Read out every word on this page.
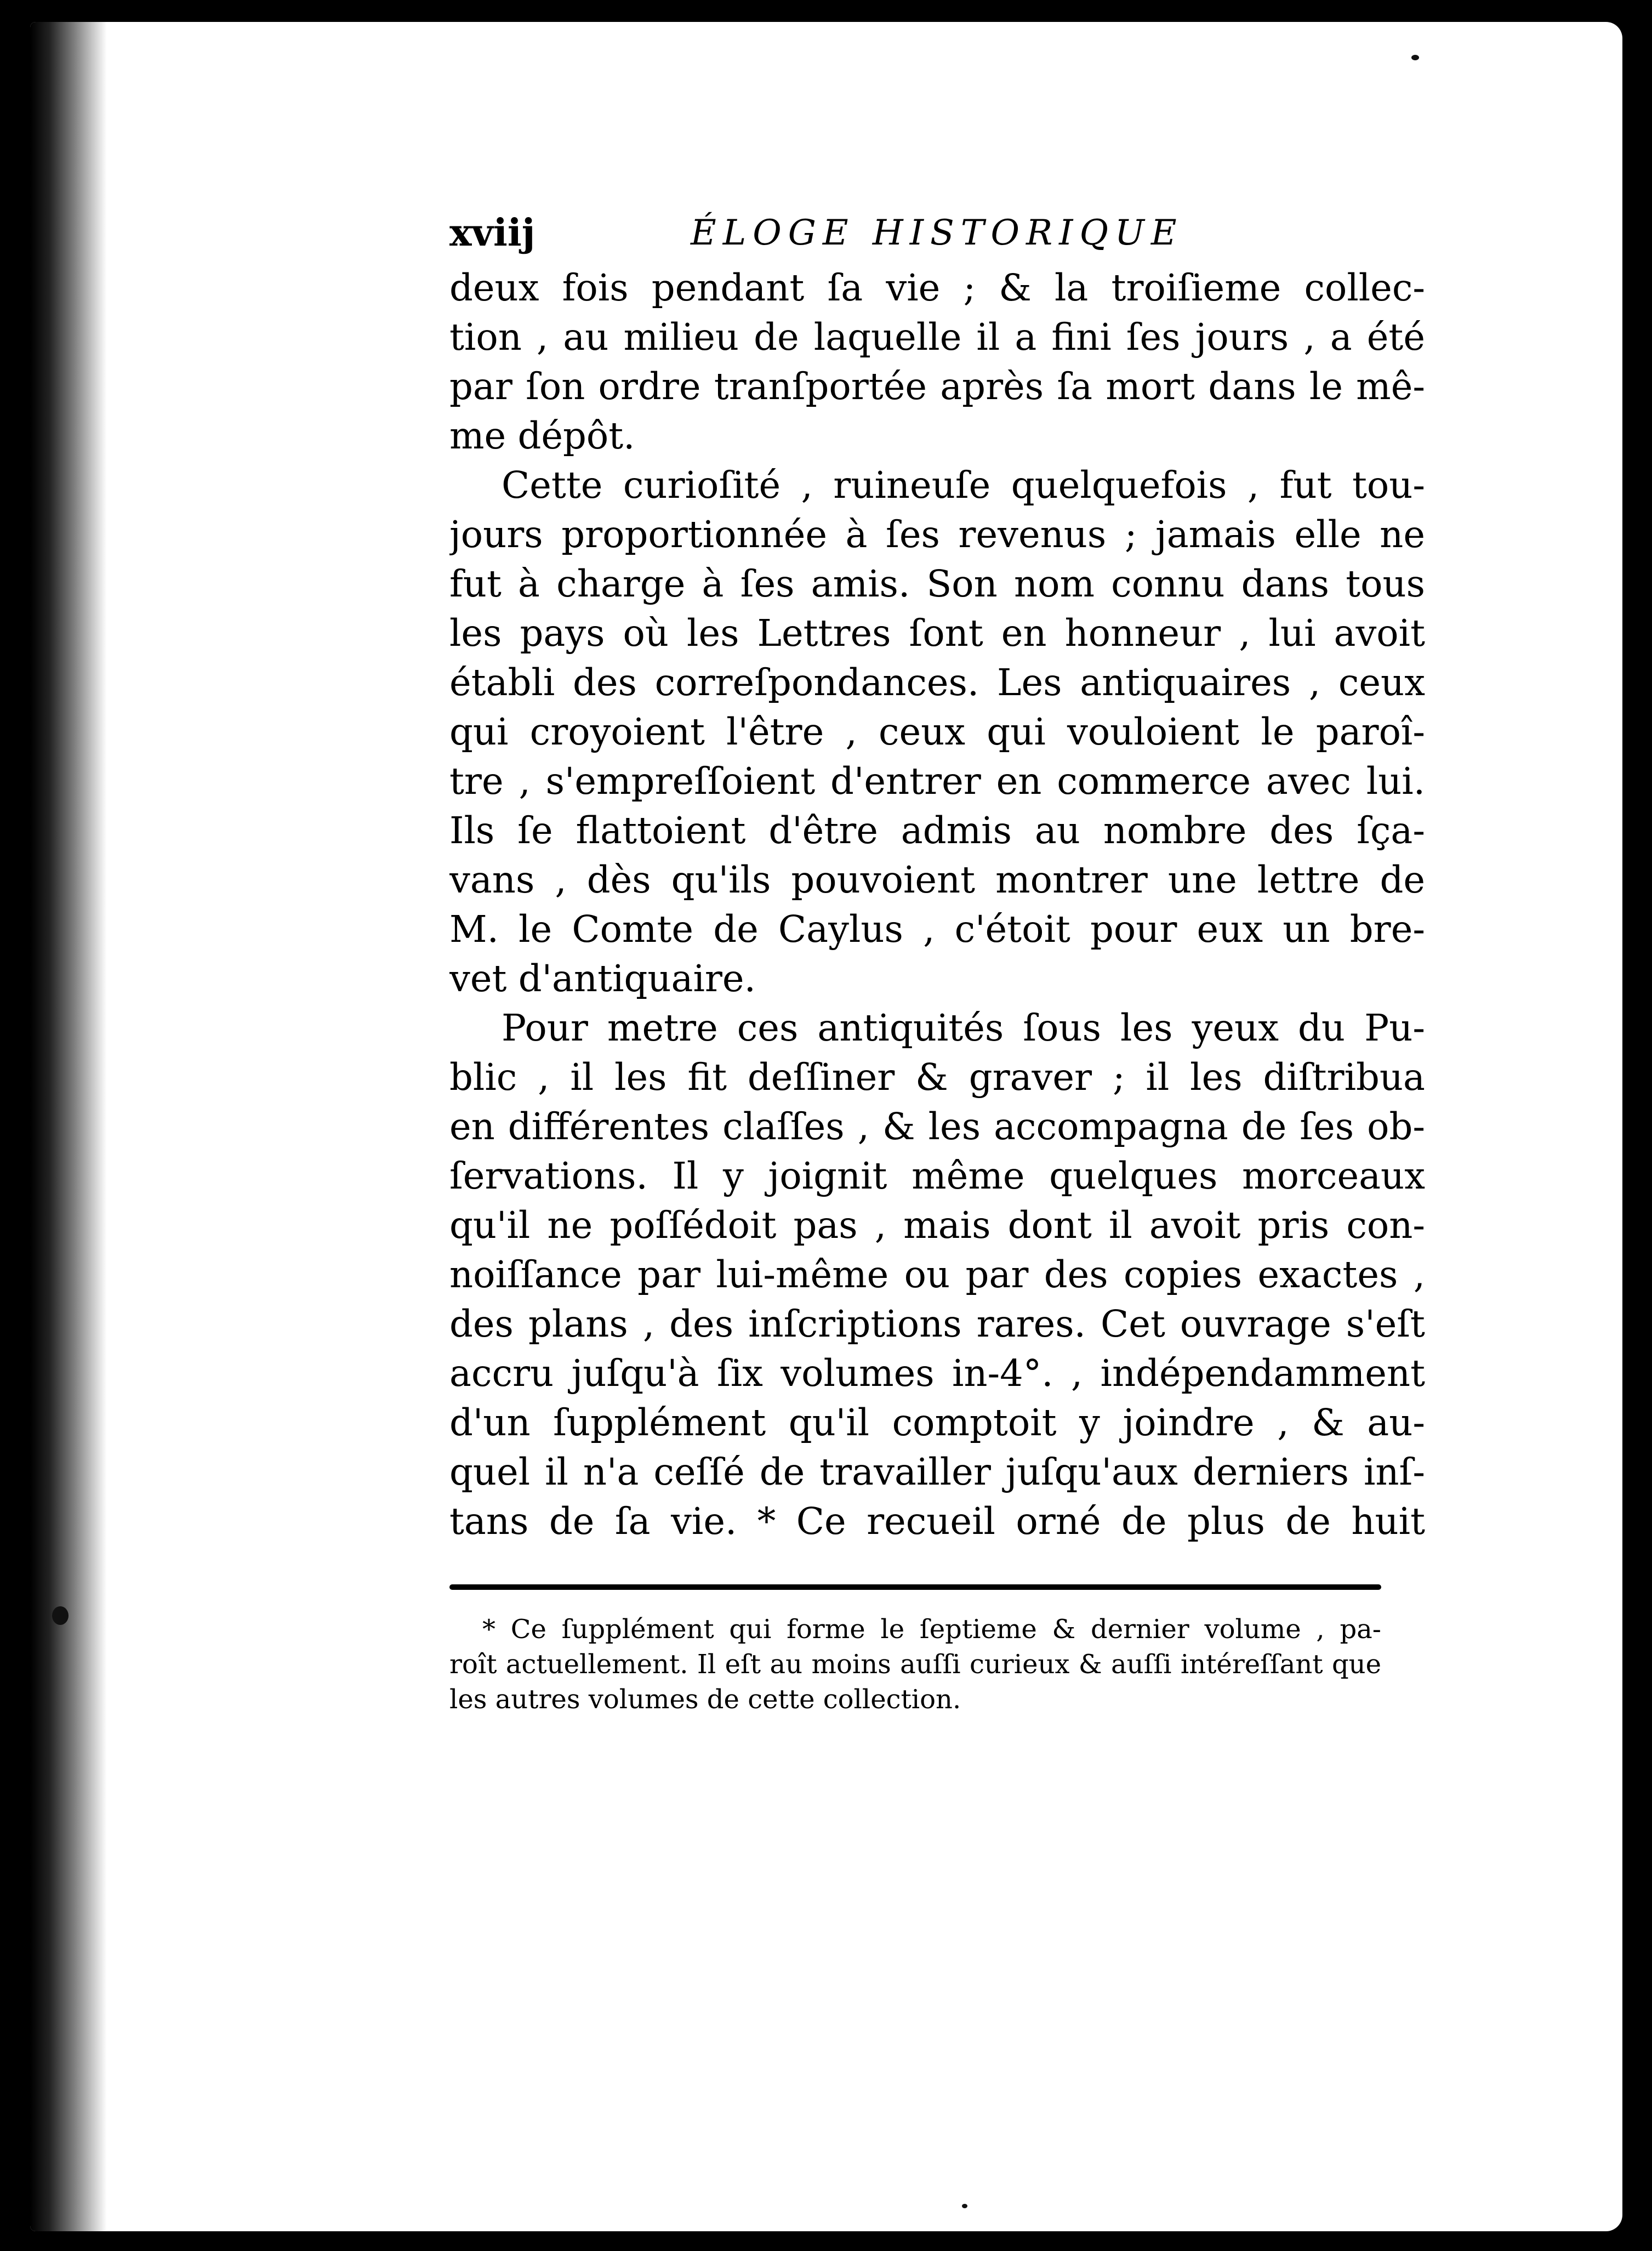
xviij	ÉLOGE HISTORIQUE
deux fois pendant ſa vie ; & la troiſieme collec-
tion , au milieu de laquelle il a fini ſes jours , a été
par ſon ordre tranſportée après ſa mort dans le mê-
me dépôt.
Cette curioſité , ruineuſe quelquefois , fut tou-
jours proportionnée à ſes revenus ; jamais elle ne
fut à charge à ſes amis. Son nom connu dans tous
les pays où les Lettres ſont en honneur , lui avoit
établi des correſpondances. Les antiquaires , ceux
qui croyoient l'être , ceux qui vouloient le paroî-
tre , s'empreſſoient d'entrer en commerce avec lui.
Ils ſe flattoient d'être admis au nombre des ſça-
vans , dès qu'ils pouvoient montrer une lettre de
M. le Comte de Caylus , c'étoit pour eux un bre-
vet d'antiquaire.
Pour metre ces antiquités ſous les yeux du Pu-
blic , il les fit deſſiner & graver ; il les diſtribua
en différentes claſſes , & les accompagna de ſes ob-
ſervations. Il y joignit même quelques morceaux
qu'il ne poſſédoit pas , mais dont il avoit pris con-
noiſſance par lui-même ou par des copies exactes ,
des plans , des inſcriptions rares. Cet ouvrage s'eſt
accru juſqu'à ſix volumes in-4°. , indépendamment
d'un ſupplément qu'il comptoit y joindre , & au-
quel il n'a ceſſé de travailler juſqu'aux derniers inſ-
tans de ſa vie. * Ce recueil orné de plus de huit
* Ce ſupplément qui forme le ſeptieme & dernier volume , pa-
roît actuellement. Il eſt au moins auſſi curieux & auſſi intéreſſant que
les autres volumes de cette collection.
